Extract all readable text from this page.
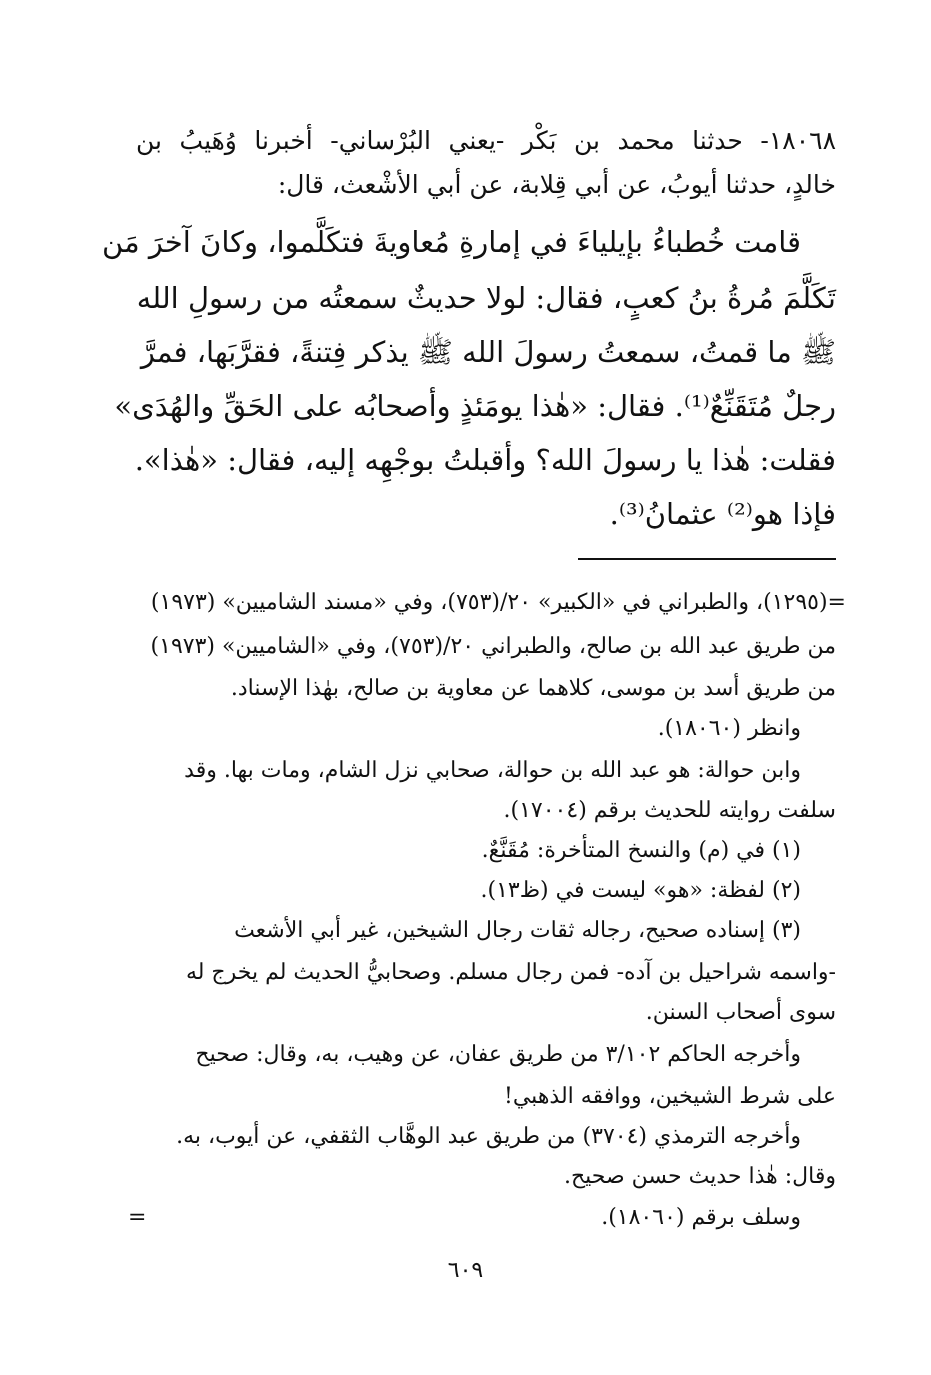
١٨٠٦٨- حدثنا محمد بن بَكْر -يعني البُرْساني- أخبرنا وُهَيبُ بن
خالدٍ، حدثنا أيوبُ، عن أبي قِلابة، عن أبي الأشْعث، قال:
قامت خُطباءُ بإيلياءَ في إمارةِ مُعاويةَ فتكَلَّموا، وكانَ آخرَ مَن
تَكَلَّمَ مُرةُ بنُ كعبٍ، فقال: لولا حديثٌ سمعتُه من رسولِ الله
ﷺ ما قمتُ، سمعتُ رسولَ الله ﷺ يذكر فِتنةً، فقرَّبَها، فمرَّ
رجلٌ مُتَقَنِّعٌ⁽¹⁾. فقال: «هٰذا يومَئذٍ وأصحابُه على الحَقِّ والهُدَى»
فقلت: هٰذا يا رسولَ الله؟ وأقبلتُ بوجْهِه إليه، فقال: «هٰذا».
فإذا هو⁽²⁾ عثمانُ⁽³⁾.
=(١٢٩٥)، والطبراني في «الكبير» ٢٠/(٧٥٣)، وفي «مسند الشاميين» (١٩٧٣)
من طريق عبد الله بن صالح، والطبراني ٢٠/(٧٥٣)، وفي «الشاميين» (١٩٧٣)
من طريق أسد بن موسى، كلاهما عن معاوية بن صالح، بهٰذا الإسناد.
وانظر (١٨٠٦٠).
وابن حوالة: هو عبد الله بن حوالة، صحابي نزل الشام، ومات بها. وقد
سلفت روايته للحديث برقم (١٧٠٠٤).
(١) في (م) والنسخ المتأخرة: مُقَنَّعٌ.
(٢) لفظة: «هو» ليست في (ظ١٣).
(٣) إسناده صحيح، رجاله ثقات رجال الشيخين، غير أبي الأشعث
-واسمه شراحيل بن آده- فمن رجال مسلم. وصحابيُّ الحديث لم يخرج له
سوى أصحاب السنن.
وأخرجه الحاكم ٣/١٠٢ من طريق عفان، عن وهيب، به، وقال: صحيح
على شرط الشيخين، ووافقه الذهبي!
وأخرجه الترمذي (٣٧٠٤) من طريق عبد الوهَّاب الثقفي، عن أيوب، به.
وقال: هٰذا حديث حسن صحيح.
وسلف برقم (١٨٠٦٠).
=
٦٠٩
